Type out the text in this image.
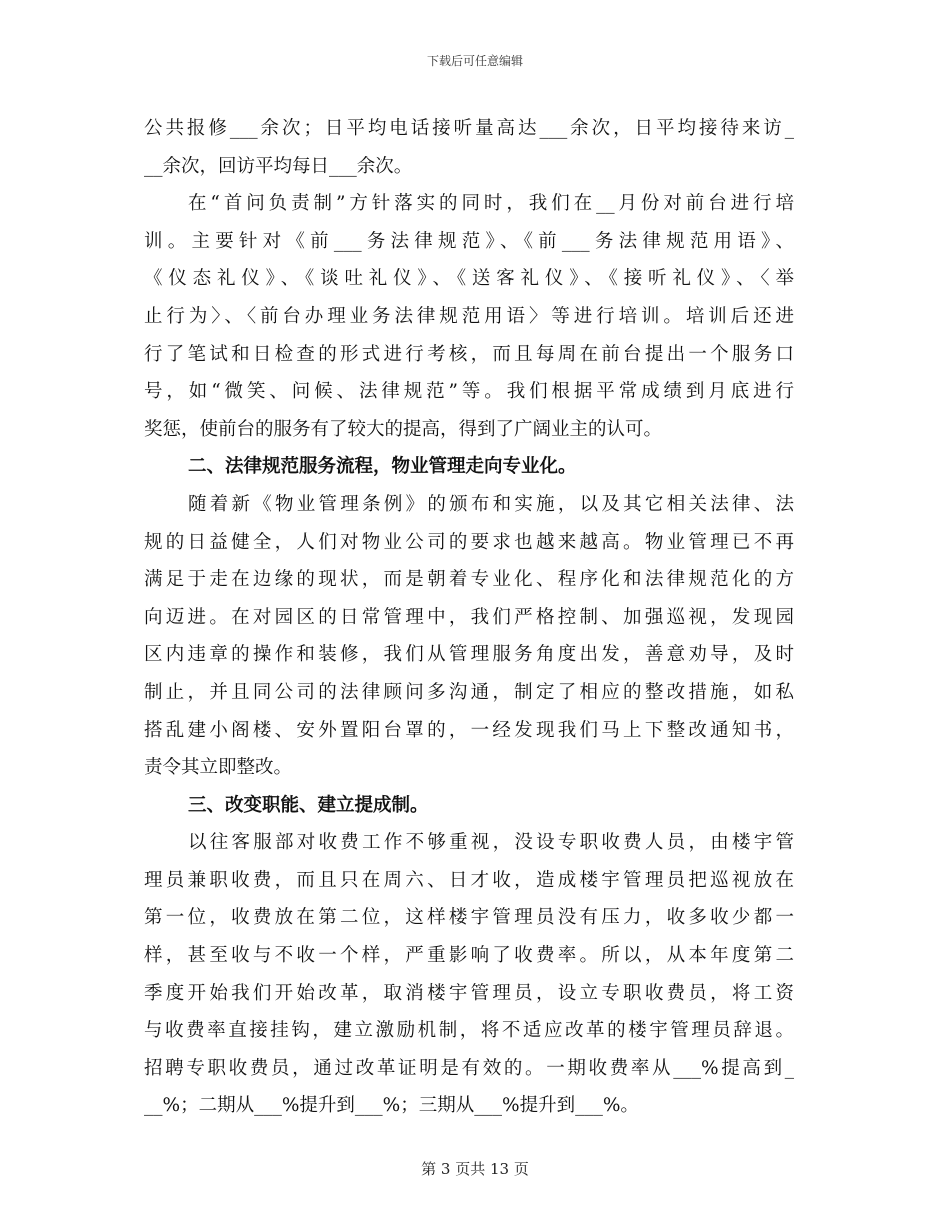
下载后可任意编辑
公共报修___余次；日平均电话接听量高达___余次，日平均接待来访_
__余次，回访平均每日___余次。
在“首问负责制”方针落实的同时，我们在__月份对前台进行培
训。主要针对《前___务法律规范》、《前___务法律规范用语》、
《仪态礼仪》、《谈吐礼仪》、《送客礼仪》、《接听礼仪》、〈举
止行为〉、〈前台办理业务法律规范用语〉等进行培训。培训后还进
行了笔试和日检查的形式进行考核，而且每周在前台提出一个服务口
号，如“微笑、问候、法律规范”等。我们根据平常成绩到月底进行
奖惩，使前台的服务有了较大的提高，得到了广阔业主的认可。
二、法律规范服务流程，物业管理走向专业化。
随着新《物业管理条例》的颁布和实施，以及其它相关法律、法
规的日益健全，人们对物业公司的要求也越来越高。物业管理已不再
满足于走在边缘的现状，而是朝着专业化、程序化和法律规范化的方
向迈进。在对园区的日常管理中，我们严格控制、加强巡视，发现园
区内违章的操作和装修，我们从管理服务角度出发，善意劝导，及时
制止，并且同公司的法律顾问多沟通，制定了相应的整改措施，如私
搭乱建小阁楼、安外置阳台罩的，一经发现我们马上下整改通知书，
责令其立即整改。
三、改变职能、建立提成制。
以往客服部对收费工作不够重视，没设专职收费人员，由楼宇管
理员兼职收费，而且只在周六、日才收，造成楼宇管理员把巡视放在
第一位，收费放在第二位，这样楼宇管理员没有压力，收多收少都一
样，甚至收与不收一个样，严重影响了收费率。所以，从本年度第二
季度开始我们开始改革，取消楼宇管理员，设立专职收费员，将工资
与收费率直接挂钩，建立激励机制，将不适应改革的楼宇管理员辞退。
招聘专职收费员，通过改革证明是有效的。一期收费率从___%提高到_
__%；二期从___%提升到___%；三期从___%提升到___%。
第 3 页共 13 页
